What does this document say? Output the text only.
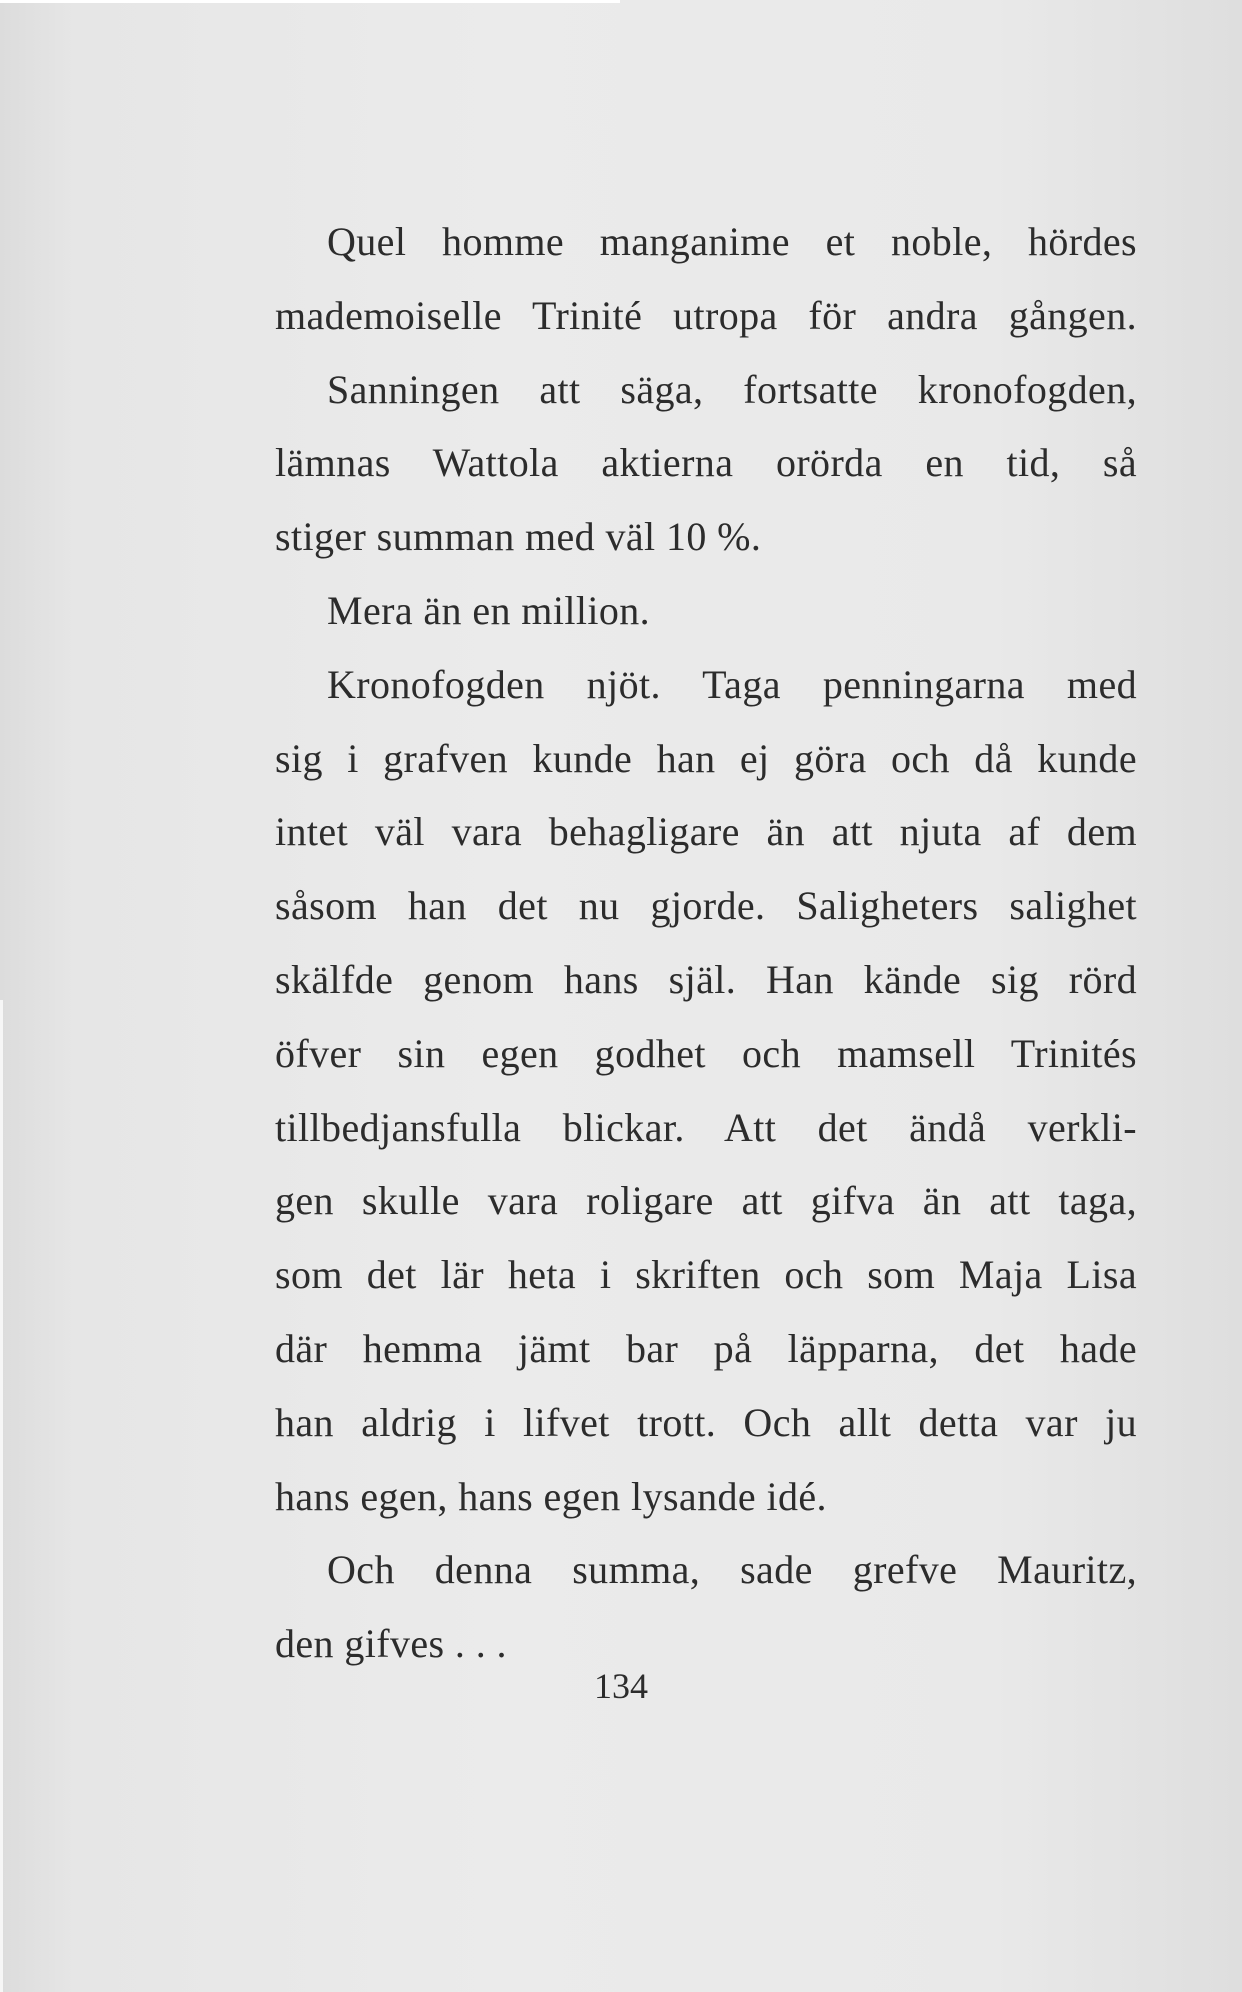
Quel homme manganime et noble, hördes
mademoiselle Trinité utropa för andra gången.
Sanningen att säga, fortsatte kronofogden,
lämnas Wattola aktierna orörda en tid, så
stiger summan med väl 10 %.
Mera än en million.
Kronofogden njöt. Taga penningarna med
sig i grafven kunde han ej göra och då kunde
intet väl vara behagligare än att njuta af dem
såsom han det nu gjorde. Saligheters salighet
skälfde genom hans själ. Han kände sig rörd
öfver sin egen godhet och mamsell Trinités
tillbedjansfulla blickar. Att det ändå verkli-
gen skulle vara roligare att gifva än att taga,
som det lär heta i skriften och som Maja Lisa
där hemma jämt bar på läpparna, det hade
han aldrig i lifvet trott. Och allt detta var ju
hans egen, hans egen lysande idé.
Och denna summa, sade grefve Mauritz,
den gifves . . .
134
